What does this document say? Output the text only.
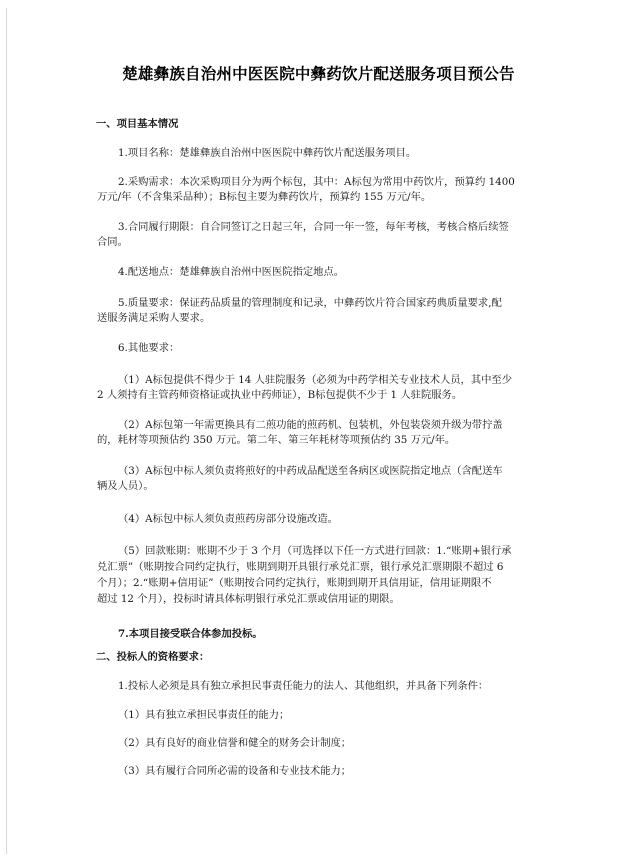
楚雄彝族自治州中医医院中彝药饮片配送服务项目预公告
一、项目基本情况
1.项目名称：楚雄彝族自治州中医医院中彝药饮片配送服务项目。
2.采购需求：本次采购项目分为两个标包，其中：A标包为常用中药饮片，预算约 1400
万元/年（不含集采品种）；B标包主要为彝药饮片，预算约 155 万元/年。
3.合同履行期限：自合同签订之日起三年，合同一年一签，每年考核，考核合格后续签
合同。
4.配送地点：楚雄彝族自治州中医医院指定地点。
5.质量要求：保证药品质量的管理制度和记录，中彝药饮片符合国家药典质量要求,配
送服务满足采购人要求。
6.其他要求：
（1）A标包提供不得少于 14 人驻院服务（必须为中药学相关专业技术人员，其中至少
2 人须持有主管药师资格证或执业中药师证），B标包提供不少于 1 人驻院服务。
（2）A标包第一年需更换具有二煎功能的煎药机、包装机，外包装袋须升级为带拧盖
的，耗材等项预估约 350 万元。第二年、第三年耗材等项预估约 35 万元/年。
（3）A标包中标人须负责将煎好的中药成品配送至各病区或医院指定地点（含配送车
辆及人员）。
（4）A标包中标人须负责煎药房部分设施改造。
（5）回款账期：账期不少于 3 个月（可选择以下任一方式进行回款：1.“账期+银行承
兑汇票”（账期按合同约定执行，账期到期开具银行承兑汇票，银行承兑汇票期限不超过 6
个月）；2.“账期+信用证”（账期按合同约定执行，账期到期开具信用证，信用证期限不
超过 12 个月），投标时请具体标明银行承兑汇票或信用证的期限。
7.本项目接受联合体参加投标。
二、投标人的资格要求：
1.投标人必须是具有独立承担民事责任能力的法人、其他组织，并具备下列条件：
（1）具有独立承担民事责任的能力；
（2）具有良好的商业信誉和健全的财务会计制度；
（3）具有履行合同所必需的设备和专业技术能力；
